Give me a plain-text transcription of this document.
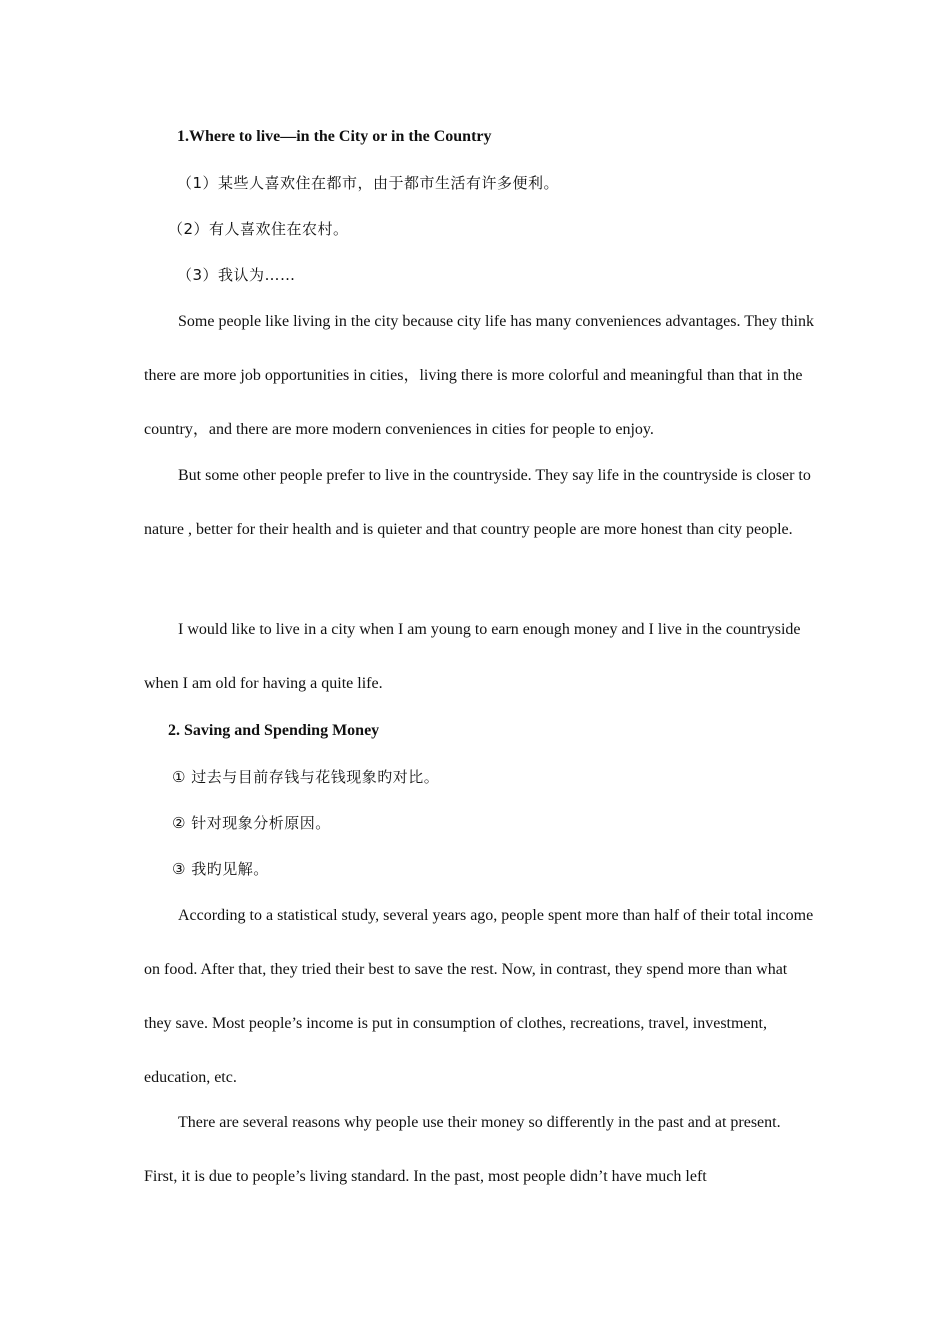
1.Where to live—in the City or in the Country

（1）某些人喜欢住在都市，由于都市生活有许多便利。

（2）有人喜欢住在农村。

（3）我认为……

Some people like living in the city because city life has many conveniences advantages. They think there are more job opportunities in cities，living there is more colorful and meaningful than that in the country，and there are more modern conveniences in cities for people to enjoy.

But some other people prefer to live in the countryside. They say life in the countryside is closer to nature , better for their health and is quieter and that country people are more honest than city people.

I would like to live in a city when I am young to earn enough money and I live in the countryside when I am old for having a quite life.

2. Saving and Spending Money

① 过去与目前存钱与花钱现象旳对比。

② 针对现象分析原因。

③ 我旳见解。

According to a statistical study, several years ago, people spent more than half of their total income on food. After that, they tried their best to save the rest. Now, in contrast, they spend more than what they save. Most people’s income is put in consumption of clothes, recreations, travel, investment, education, etc.

There are several reasons why people use their money so differently in the past and at present. First, it is due to people’s living standard. In the past, most people didn’t have much left
